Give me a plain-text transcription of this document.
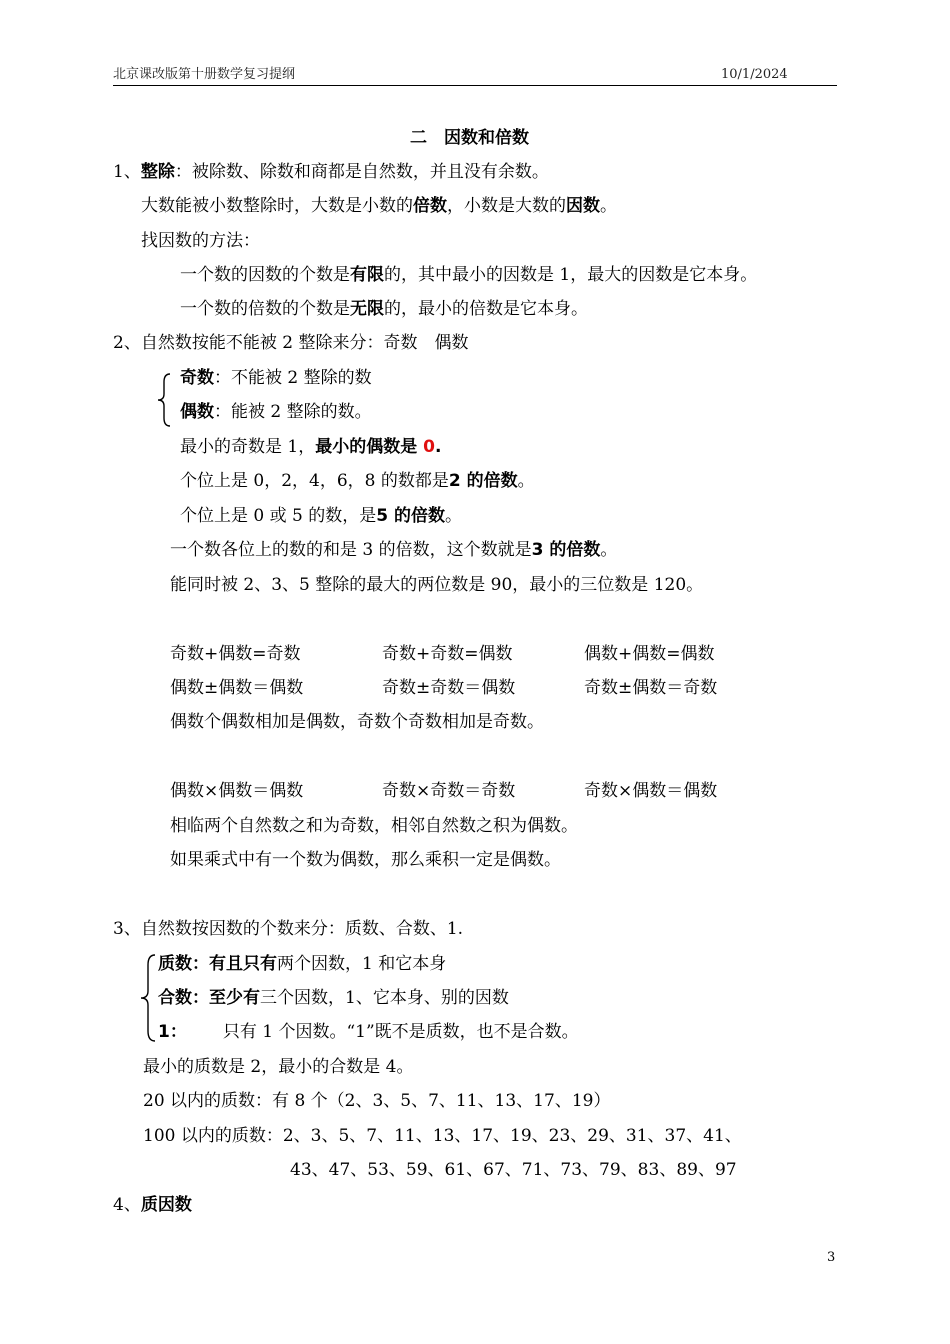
北京课改版第十册数学复习提纲	10/1/2024
二　因数和倍数
1、整除：被除数、除数和商都是自然数，并且没有余数。
大数能被小数整除时，大数是小数的倍数，小数是大数的因数。
找因数的方法：
一个数的因数的个数是有限的，其中最小的因数是 1，最大的因数是它本身。
一个数的倍数的个数是无限的，最小的倍数是它本身。
2、自然数按能不能被 2 整除来分：奇数　偶数
奇数：不能被 2 整除的数
偶数：能被 2 整除的数。
最小的奇数是 1，最小的偶数是 0.
个位上是 0，2，4，6，8 的数都是2 的倍数。
个位上是 0 或 5 的数，是5 的倍数。
一个数各位上的数的和是 3 的倍数，这个数就是3 的倍数。
能同时被 2、3、5 整除的最大的两位数是 90，最小的三位数是 120。
奇数+偶数=奇数	奇数+奇数=偶数	偶数+偶数=偶数
偶数±偶数＝偶数	奇数±奇数＝偶数	奇数±偶数＝奇数
偶数个偶数相加是偶数，奇数个奇数相加是奇数。
偶数×偶数＝偶数	奇数×奇数＝奇数	奇数×偶数＝偶数
相临两个自然数之和为奇数，相邻自然数之积为偶数。
如果乘式中有一个数为偶数，那么乘积一定是偶数。
3、自然数按因数的个数来分：质数、合数、1.
质数：有且只有两个因数，1 和它本身
合数：至少有三个因数，1、它本身、别的因数
1： 只有 1 个因数。“1”既不是质数，也不是合数。
最小的质数是 2，最小的合数是 4。
20 以内的质数：有 8 个（2、3、5、7、11、13、17、19）
100 以内的质数：2、3、5、7、11、13、17、19、23、29、31、37、41、
43、47、53、59、61、67、71、73、79、83、89、97
4、质因数
3
